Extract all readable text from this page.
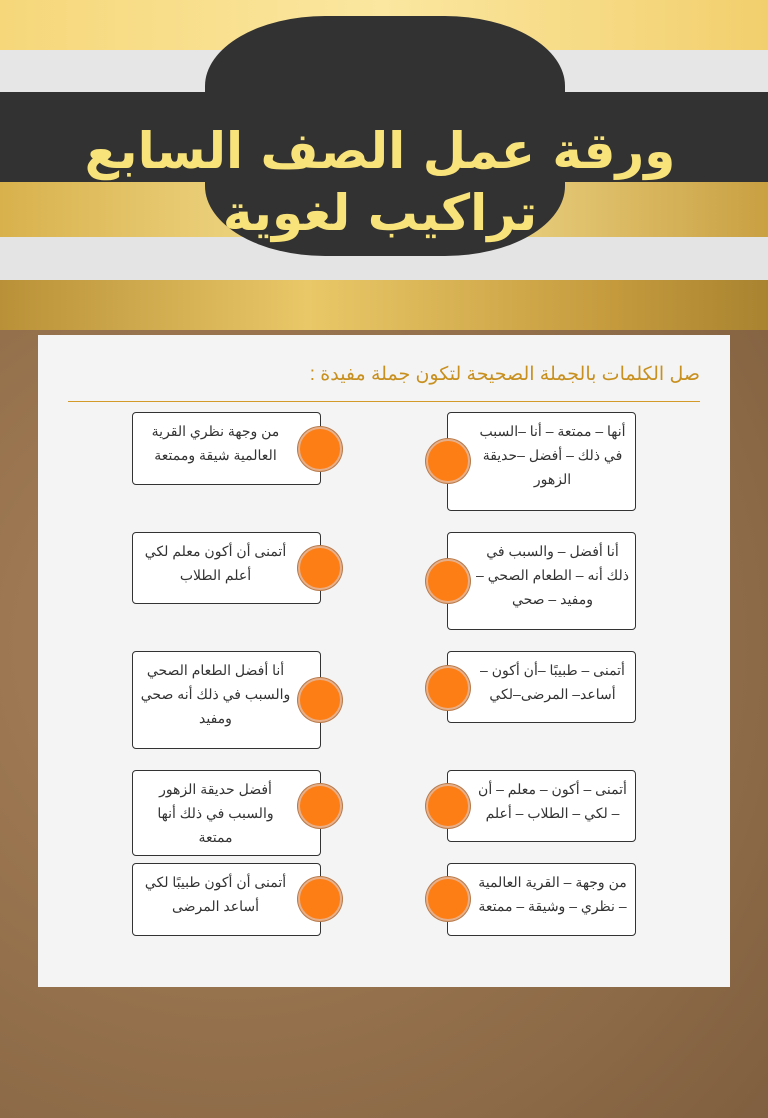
ورقة عمل الصف السابع تراكيب لغوية
صل الكلمات بالجملة الصحيحة لتكون جملة مفيدة :
أنها – ممتعة – أنا –السبب في ذلك – أفضل –حديقة الزهور
أنا أفضل – والسبب في ذلك أنه – الطعام الصحي – ومفيد – صحي
أتمنى – طبيبًا –أن أكون – أساعد– المرضى–لكي
أتمنى – أكون – معلم – أن – لكي – الطلاب – أعلم
من وجهة – القرية العالمية – نظري – وشيقة – ممتعة
من وجهة نظري القرية العالمية شيقة وممتعة
أتمنى أن أكون معلم لكي أعلم الطلاب
أنا أفضل الطعام الصحي والسبب في ذلك أنه صحي ومفيد
أفضل حديقة الزهور والسبب في ذلك أنها ممتعة
أتمنى أن أكون طبيبًا لكي أساعد المرضى
